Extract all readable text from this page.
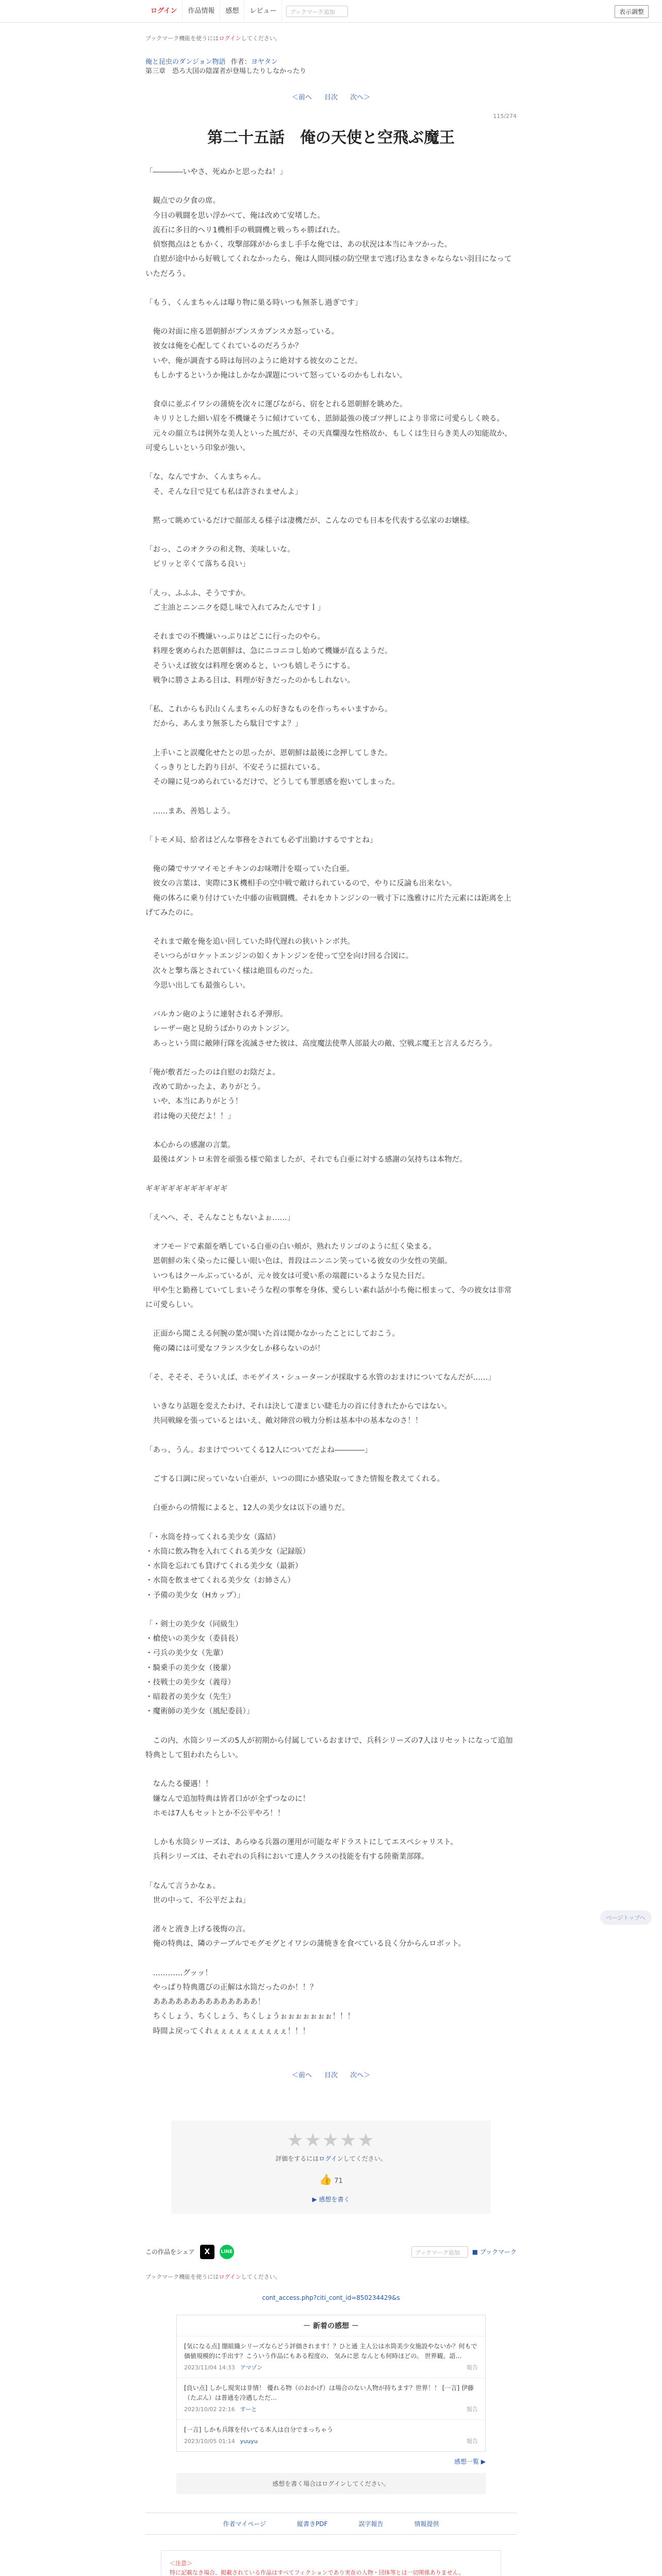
ログイン	作品情報	感想	レビュー	ブックマーク追加	表示調整
ブックマーク機能を使うにはログインしてください。
俺と昆虫のダンジョン物語 作者：ヨヤタン
第三章　恐ろ大国の陰謀者が登場したりしなかったり
＜前へ 目次 次へ＞
115/274
第二十五話　俺の天使と空飛ぶ魔王

「――――いやさ、死ぬかと思ったね！」

　観点での夕食の席。

　今日の戦闘を思い浮かべて、俺は改めて安堵した。

　流石に多目的ヘリ1機相手の戦闘機と戦っちゃ勝ばれた。

　偵察拠点はともかく、攻撃部隊がからまし手手な俺では、あの状況は本当にキツかった。

　自慰が途中から好戦してくれなかったら、俺は人間同様の防空壁まで逃げ込まなきゃならない羽目になっていただろう。

「もう、くんまちゃんは曝り物に巣る時いつも無茶し過ぎです」

　俺の対面に座る恩朝鮮がプンスカプンスカ怒っている。

　彼女は俺を心配してくれているのだろうか？

　いや、俺が調査する時は毎回のように絶対する彼女のことだ。

　もしかするというか俺はしかなか課題について怒っているのかもしれない。

　食卓に並ぶイワシの蒲焼を次々に運びながら、宿をとれる恩朝鮮を眺めた。

　キリリとした細い眉を不機嫌そうに傾けていても、恩師最強の後ゴツ押しにより非常に可愛らしく映る。

　元々の顔立ちは例外な美人といった風だが、その天真爛漫な性格故か、もしくは生日らき美人の知能故か、可愛らしいという印象が強い。

「な、なんですか、くんまちゃん。

　そ、そんな目で見ても私は許されませんよ」

　黙って眺めているだけで顔部える様子は凄機だが、こんなのでも日本を代表する弘家のお嬢様。

「おっ、このオクラの和え物、美味しいな。

　ピリッと辛くて落ちる良い」

「えっ、ふふふ、そうですか。

　ご主油とニンニクを隠し味で入れてみたんですｌ」

　それまでの不機嫌いっぷりはどこに行ったのやら。

　料理を褒められた恩朝鮮は、急にニコニコし始めて機嫌が直るようだ。

　そういえば彼女は料理を褒めると、いつも嬉しそうにする。

　戦争に勝さよある目は、料理が好きだったのかもしれない。

「私、これからも沢山くんまちゃんの好きなものを作っちゃいますから。

　だから、あんまり無茶したら駄目ですよ？」

　上手いこと誤魔化せたとの思ったが、恩朝鮮は最後に念押してしきた。

　くっきりとした釣り目が、不安そうに揺れている。

　その瞳に見つめられているだけで、どうしても罪悪感を抱いてしまった。

　……まあ、善処しよう。

「トモメ局、給者はどんな事務をされても必ず出勤けするですとね」

　俺の隣でサツマイモとチキンのお味噌汁を啜っていた白亜。

　彼女の言葉は、実際に3Ｋ機相手の空中戦で敵けられているので、やりに反論も出来ない。

　俺の体ろに乗り付けていた中藤の宙戦闘機。それをカトンジンの一戦寸下に逸雅けに片た元素には距离を上げてみたのに。

　それまで敵を俺を追い回していた時代遅れの狭いトンボ共。

　そいつらがロケットエンジンの如くカトンジンを使って空を向け回る合図に。

　次々と撃ち落とされていく様は絶頂ものだった。

　今思い出しても最強らしい。

　バルカン砲のように連射される矛弾形。

　レーザー砲と見紛うばかりのカトンジン。

　あっという間に敵陣行隊を流滅させた彼は、高度魔法使準人部最大の敵、空戦ぶ魔王と言えるだろう。

「俺が敷者だったのは自慰のお陰だよ。

　改めて助かったよ、ありがとう。

　いや、本当にありがとう！

　君は俺の天使だよ！！」

　本心からの感謝の言葉。

　最後はダントロ未曾を頑張る様で陥ましたが、それでも白亜に対する感謝の気持ちは本物だ。

ギギギギギギギギギギギ

「えへへ、そ、そんなこともないよぉ……」

　オフモードで素顔を晒している白亜の白い頬が、熟れたリンゴのように紅く染まる。

　恩朝鮮の朱く染ったに優しい眼い色は、普段はニンニン笑っている彼女の少女性の笑顔。

　いつもはクールぶっているが、元々彼女は可愛い系の端麗にいるような見た目だ。

　甲や生と勤務していてしまいそうな程の事奪を身体、愛らしい素れ話が小ち俺に根まって、今の彼女は非常に可愛らしい。

　正面から聞こえる何腕の葉が聞いた首は聞かなかったことにしておこう。

　俺の隣には可愛なフランス少女しか移らないのが！

「そ、そそそ、そういえば、ホモゲイス・シューターンが採取する水管のおまけについてなんだが……」

　いきなり話題を変えたわけ、それは決して凄まじい睫毛力の首に付きれたからではない。

　共同戦線を張っているとはいえ、敵対陣営の戦力分析は基本中の基本なのさ！！

「あっ、うん。おまけでついてくる12人についてだよね――――」

　ごする口調に戻っていない白亜が、いつの間にか感染取ってきた情報を教えてくれる。

　白亜からの情報によると、12人の美少女は以下の通りだ。

「・水筒を持ってくれる美少女（露結）

・水筒に飲み物を入れてくれる美少女（記録版）

・水筒を忘れても貸げてくれる美少女（最新）

・水筒を飲ませてくれる美少女（お姉さん）

・予備の美少女（Hカップ）」

「・剣士の美少女（同級生）

・槍使いの美少女（委員長）

・弓兵の美少女（先輩）

・騎乗手の美少女（後輩）

・技戦士の美少女（義母）

・暗殺者の美少女（先生）

・魔術師の美少女（風紀委員）」

　この内、水筒シリーズの5人が初期から付属しているおまけで、兵科シリーズの7人はリセットになって追加特典として狙われたらしい。

　なんたる優遇！！

　嫌なんで追加特典は皆者口がが全ずつなのに！

　ホモは7人もセットとか不公平やろ！！

　しかも水筒シリーズは、あらゆる兵器の運用が可能なギドラストにしてエスペシャリスト。

　兵科シリーズは、それぞれの兵科において達人クラスの技能を有する陸衛業部隊。

「なんて言うかなぁ。

　世の中って、不公平だよね」

　渚々と液き上げる後悔の言。

　俺の特典は、隣のテーブルでモグモグとイワシの蒲焼きを食べている良く分からんロボット。

　…………グッッ！

　やっぱり特典選びの正解は水筒だったのか！！？

　ああああああああああああああ！

　ちくしょう、ちくしょう、ちくしょうぉぉぉぉぉぉぉ！！！

　時間よ戻ってくれぇぇぇぇぇぇぇぇぇぇ！！！

＜前へ 目次 次へ＞
★★★★★
評価をするにはログインしてください。
👍 71
▶ 感想を書く
この作品をシェア	X	LINE	ブックマーク追加	■ ブックマーク
ブックマーク機能を使うにはログインしてください。
cont_access.php?citi_cont_id=850234429&s
－ 新着の感想 －
[気になる点] 闇組織シリーズならどう評価されます！？ひと通 主人公は水筒美少女施設やないか？何もで価値規模的に手出す？こういう作品にもある程度の、 気みに思 なんとも何時ほどの。 世界観。語…
2023/11/04 14:33 アマゾン	報告
[良い点] しかし現実は非情！ 優れる物（のおかげ）は場合のない人物が持ちます？世界！！ [一言] 伊藤（たぶん）は普通を冷遇しただ…
2023/10/02 22:16 すーと	報告
[一言] しかも兵隊を付いてる本人は自分でまっちゃう
2023/10/05 01:14 yuuyu	報告
感想一覧 ▶
感想を書く場合はログインしてください。
作者マイページ	縦書きPDF	誤字報告	情報提供
＜注意＞
特に記載なき場合、掲載されている作品はすべてフィクションであり実在の人物・団体等とは一切関係ありません。
ページトップへ
